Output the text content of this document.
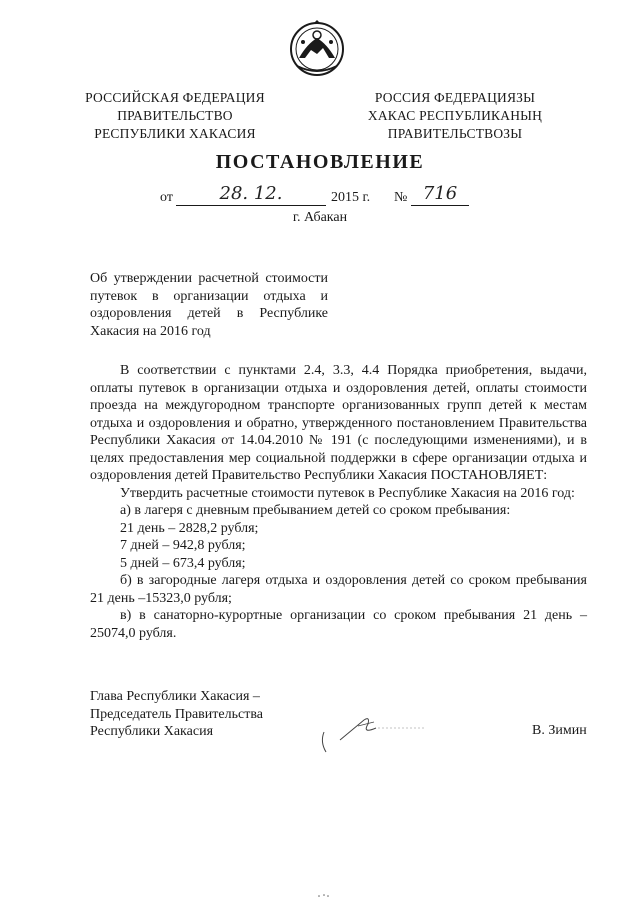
РОССИЙСКАЯ ФЕДЕРАЦИЯ
ПРАВИТЕЛЬСТВО
РЕСПУБЛИКИ ХАКАСИЯ
РОССИЯ ФЕДЕРАЦИЯЗЫ
ХАКАС РЕСПУБЛИКАНЫҢ
ПРАВИТЕЛЬСТВОЗЫ
ПОСТАНОВЛЕНИЕ
от	28. 12.	2015 г. № 716
г. Абакан
Об утверждении расчетной стоимости
путевок в организации отдыха и
оздоровления детей в Республике
Хакасия на 2016 год
В соответствии с пунктами 2.4, 3.3, 4.4 Порядка приобретения, выдачи,
оплаты путевок в организации отдыха и оздоровления детей, оплаты стоимости
проезда на междугородном транспорте организованных групп детей к местам
отдыха и оздоровления и обратно, утвержденного постановлением Правительства
Республики Хакасия от 14.04.2010 № 191 (с последующими изменениями), и в
целях предоставления мер социальной поддержки в сфере организации отдыха и
оздоровления детей Правительство Республики Хакасия ПОСТАНОВЛЯЕТ:
Утвердить расчетные стоимости путевок в Республике Хакасия на 2016 год:
а) в лагеря с дневным пребыванием детей со сроком пребывания:
21 день – 2828,2 рубля;
7 дней – 942,8 рубля;
5 дней – 673,4 рубля;
б) в загородные лагеря отдыха и оздоровления детей со сроком пребывания
21 день –15323,0 рубля;
в) в санаторно-курортные организации со сроком пребывания 21 день –
25074,0 рубля.
Глава Республики Хакасия –
Председатель Правительства
Республики Хакасия	В. Зимин
